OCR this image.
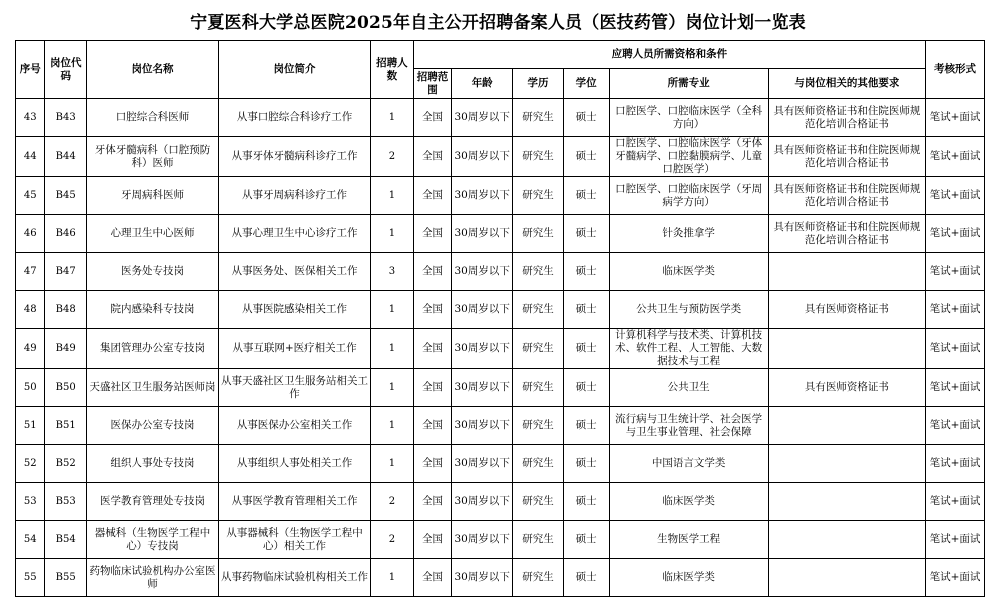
宁夏医科大学总医院2025年自主公开招聘备案人员（医技药管）岗位计划一览表
序号	岗位代码	岗位名称	岗位简介	招聘人数	应聘人员所需资格和条件						考核形式
					招聘范围	年龄	学历	学位	所需专业	与岗位相关的其他要求	
43	B43	口腔综合科医师	从事口腔综合科诊疗工作	1	全国	30周岁以下	研究生	硕士	口腔医学、口腔临床医学（全科方向）	具有医师资格证书和住院医师规范化培训合格证书	笔试+面试
44	B44	牙体牙髓病科（口腔预防科）医师	从事牙体牙髓病科诊疗工作	2	全国	30周岁以下	研究生	硕士	口腔医学、口腔临床医学（牙体牙髓病学、口腔黏膜病学、儿童口腔医学）	具有医师资格证书和住院医师规范化培训合格证书	笔试+面试
45	B45	牙周病科医师	从事牙周病科诊疗工作	1	全国	30周岁以下	研究生	硕士	口腔医学、口腔临床医学（牙周病学方向）	具有医师资格证书和住院医师规范化培训合格证书	笔试+面试
46	B46	心理卫生中心医师	从事心理卫生中心诊疗工作	1	全国	30周岁以下	研究生	硕士	针灸推拿学	具有医师资格证书和住院医师规范化培训合格证书	笔试+面试
47	B47	医务处专技岗	从事医务处、医保相关工作	3	全国	30周岁以下	研究生	硕士	临床医学类		笔试+面试
48	B48	院内感染科专技岗	从事医院感染相关工作	1	全国	30周岁以下	研究生	硕士	公共卫生与预防医学类	具有医师资格证书	笔试+面试
49	B49	集团管理办公室专技岗	从事互联网+医疗相关工作	1	全国	30周岁以下	研究生	硕士	计算机科学与技术类、计算机技术、软件工程、人工智能、大数据技术与工程		笔试+面试
50	B50	天盛社区卫生服务站医师岗	从事天盛社区卫生服务站相关工作	1	全国	30周岁以下	研究生	硕士	公共卫生	具有医师资格证书	笔试+面试
51	B51	医保办公室专技岗	从事医保办公室相关工作	1	全国	30周岁以下	研究生	硕士	流行病与卫生统计学、社会医学与卫生事业管理、社会保障		笔试+面试
52	B52	组织人事处专技岗	从事组织人事处相关工作	1	全国	30周岁以下	研究生	硕士	中国语言文学类		笔试+面试
53	B53	医学教育管理处专技岗	从事医学教育管理相关工作	2	全国	30周岁以下	研究生	硕士	临床医学类		笔试+面试
54	B54	器械科（生物医学工程中心）专技岗	从事器械科（生物医学工程中心）相关工作	2	全国	30周岁以下	研究生	硕士	生物医学工程		笔试+面试
55	B55	药物临床试验机构办公室医师	从事药物临床试验机构相关工作	1	全国	30周岁以下	研究生	硕士	临床医学类		笔试+面试
